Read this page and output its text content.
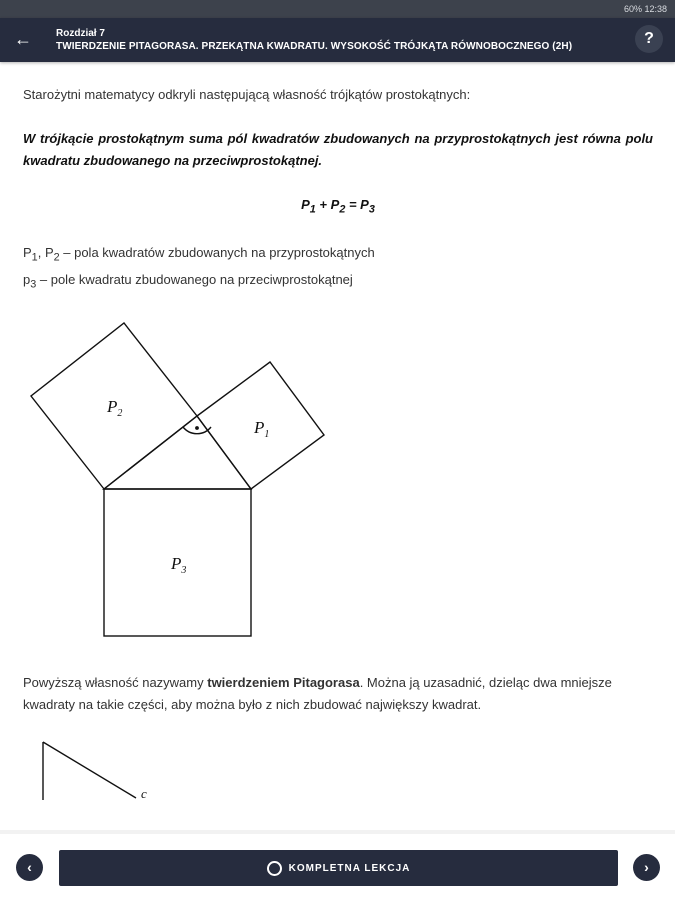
60% 12:38
← Rozdział 7
TWIERDZENIE PITAGORASA. PRZEKĄTNA KWADRATU. WYSOKOŚĆ TRÓJKĄTA RÓWNOBOCZNEGO (2H)	?

Starożytni matematycy odkryli następującą własność trójkątów prostokątnych:

W trójkącie prostokątnym suma pól kwadratów zbudowanych na przyprostokątnych jest równa polu kwadratu zbudowanego na przeciwprostokątnej.

$P_1 + P_2 = P_3$

$P_1$, $P_2$ – pola kwadratów zbudowanych na przyprostokątnych

$p_3$ – pole kwadratu zbudowanego na przeciwprostokątnej

$P_2$
$P_1$
$P_3$
c

Powyższą własność nazywamy twierdzeniem Pitagorasa. Można ją uzasadnić, dzieląc dwa mniejsze kwadraty na takie części, aby można było z nich zbudować największy kwadrat.

‹	KOMPLETNA LEKCJA	›
